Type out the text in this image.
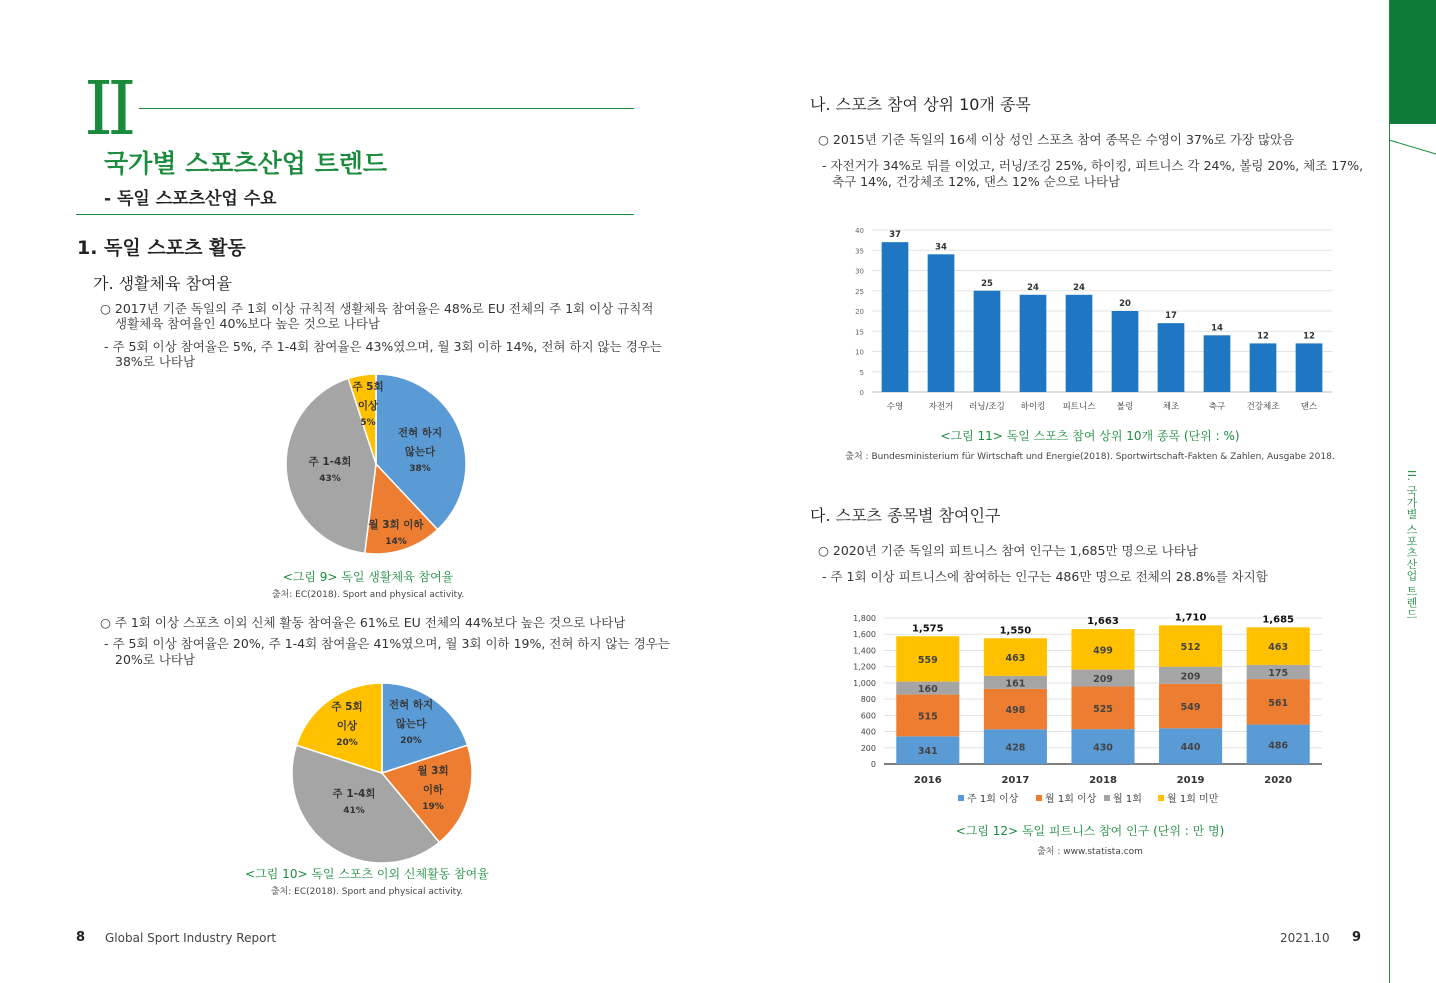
II. 국가별 스포츠산업 트렌드
II
국가별 스포츠산업 트렌드
- 독일 스포츠산업 수요
1. 독일 스포츠 활동
가. 생활체육 참여율
○ 2017년 기준 독일의 주 1회 이상 규칙적 생활체육 참여율은 48%로 EU 전체의 주 1회 이상 규칙적
생활체육 참여율인 40%보다 높은 것으로 나타남
- 주 5회 이상 참여율은 5%, 주 1-4회 참여율은 43%였으며, 월 3회 이하 14%, 전혀 하지 않는 경우는
38%로 나타남
전혀 하지
않는다
38%
월 3회 이하
14%
주 1-4회
43%
주 5회
이상
5%
<그림 9> 독일 생활체육 참여율
출처: EC(2018). Sport and physical activity.
○ 주 1회 이상 스포츠 이외 신체 활동 참여율은 61%로 EU 전체의 44%보다 높은 것으로 나타남
- 주 5회 이상 참여율은 20%, 주 1-4회 참여율은 41%였으며, 월 3회 이하 19%, 전혀 하지 않는 경우는
20%로 나타남
전혀 하지
않는다
20%
월 3회
이하
19%
주 1-4회
41%
주 5회
이상
20%
<그림 10> 독일 스포츠 이외 신체활동 참여율
출처: EC(2018). Sport and physical activity.
8 Global Sport Industry Report
나. 스포츠 참여 상위 10개 종목
○ 2015년 기준 독일의 16세 이상 성인 스포츠 참여 종목은 수영이 37%로 가장 많았음
- 자전거가 34%로 뒤를 이었고, 러닝/조깅 25%, 하이킹, 피트니스 각 24%, 볼링 20%, 체조 17%,
축구 14%, 건강체조 12%, 댄스 12% 순으로 나타남
0
5
10
15
20
25
30
35
40	37
수영
34
자전거
25
러닝/조깅
24
하이킹
24
피트니스
20
볼링
17
체조
14
축구
12
건강체조
12
댄스
<그림 11> 독일 스포츠 참여 상위 10개 종목 (단위 : %)
출처 : Bundesministerium für Wirtschaft und Energie(2018). Sportwirtschaft-Fakten & Zahlen, Ausgabe 2018.
다. 스포츠 종목별 참여인구
○ 2020년 기준 독일의 피트니스 참여 인구는 1,685만 명으로 나타남
- 주 1회 이상 피트니스에 참여하는 인구는 486만 명으로 전체의 28.8%를 차지함
0
200
400
600
800
1,000
1,200
1,400
1,600
1,800
341
515
160
559
1,575
2016
428
498
161
463
1,550
2017
430
525
209
499
1,663
2018
440
549
209
512
1,710
2019
486
561
175
463
1,685
2020
주 1회 이상	월 1회 이상 월 1회	월 1회 미만
<그림 12> 독일 피트니스 참여 인구 (단위 : 만 명)
출처 : www.statista.com
2021.10 9
